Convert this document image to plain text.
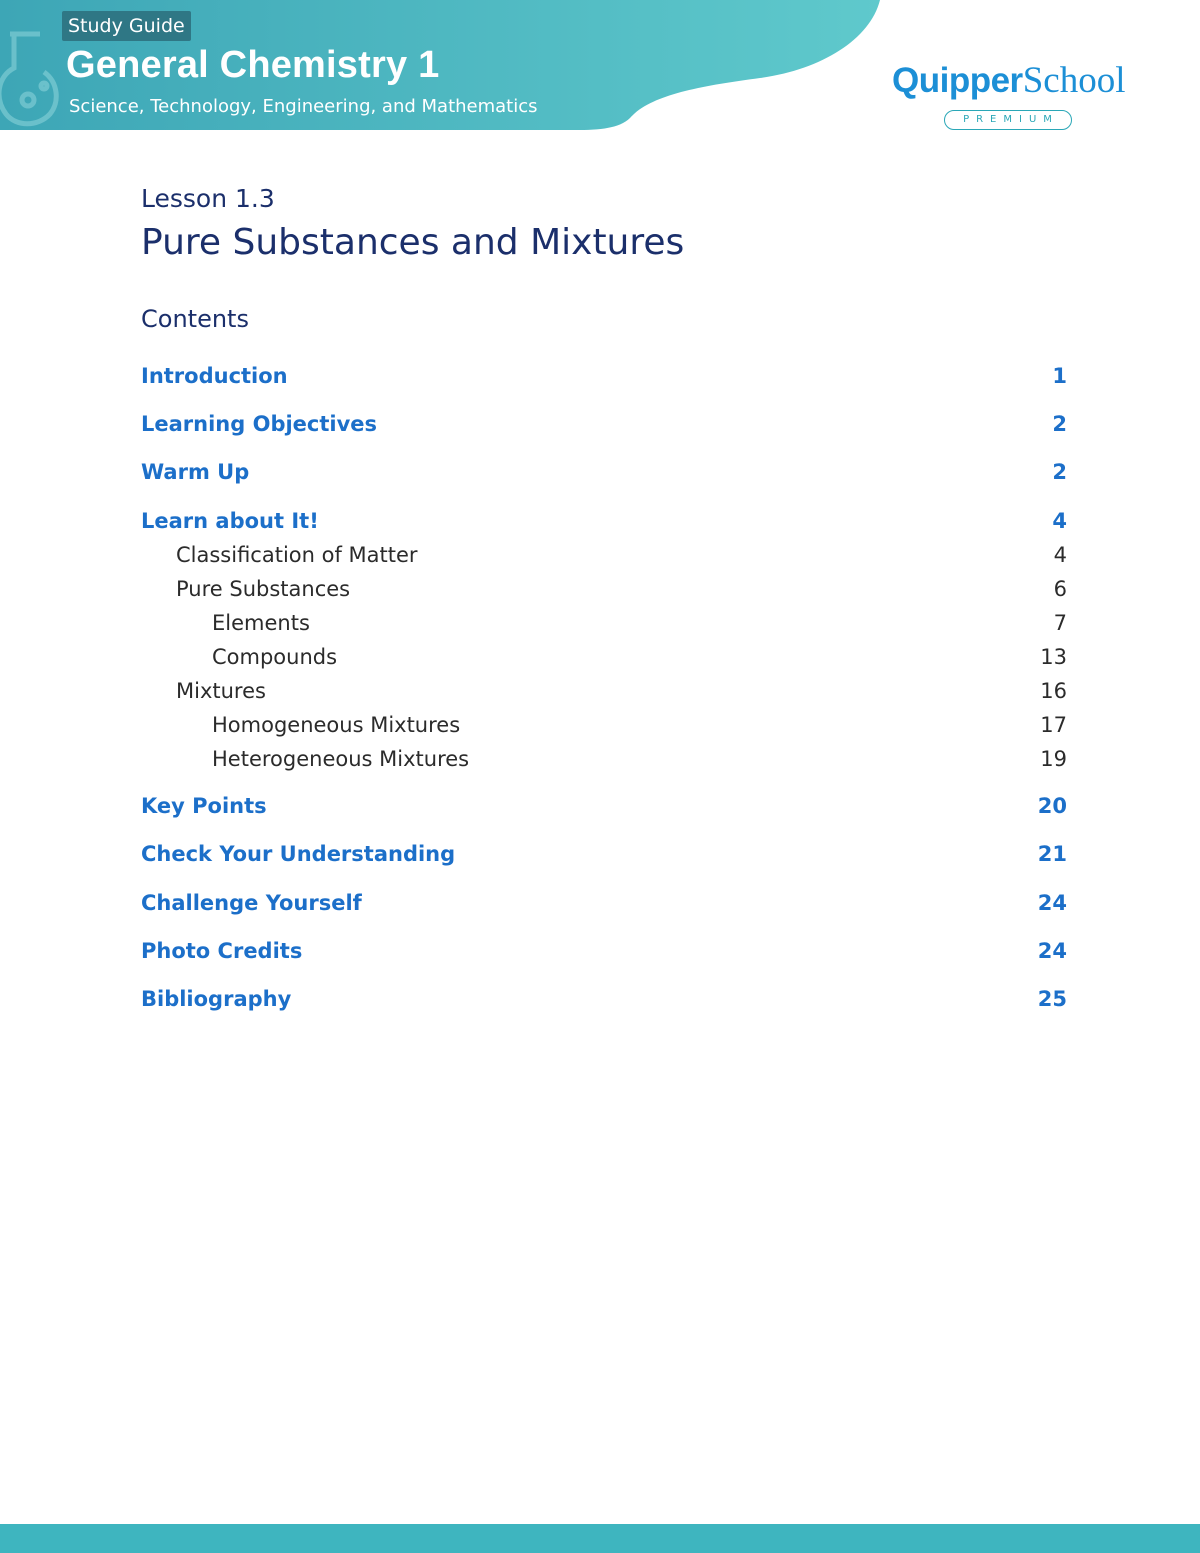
Study Guide
General Chemistry 1
Science, Technology, Engineering, and Mathematics
QuipperSchool
PREMIUM
Lesson 1.3
Pure Substances and Mixtures
Contents
Introduction	1
Learning Objectives	2
Warm Up	2
Learn about It!	4
Classification of Matter	4
Pure Substances	6
Elements	7
Compounds	13
Mixtures	16
Homogeneous Mixtures	17
Heterogeneous Mixtures	19
Key Points	20
Check Your Understanding	21
Challenge Yourself	24
Photo Credits	24
Bibliography	25
